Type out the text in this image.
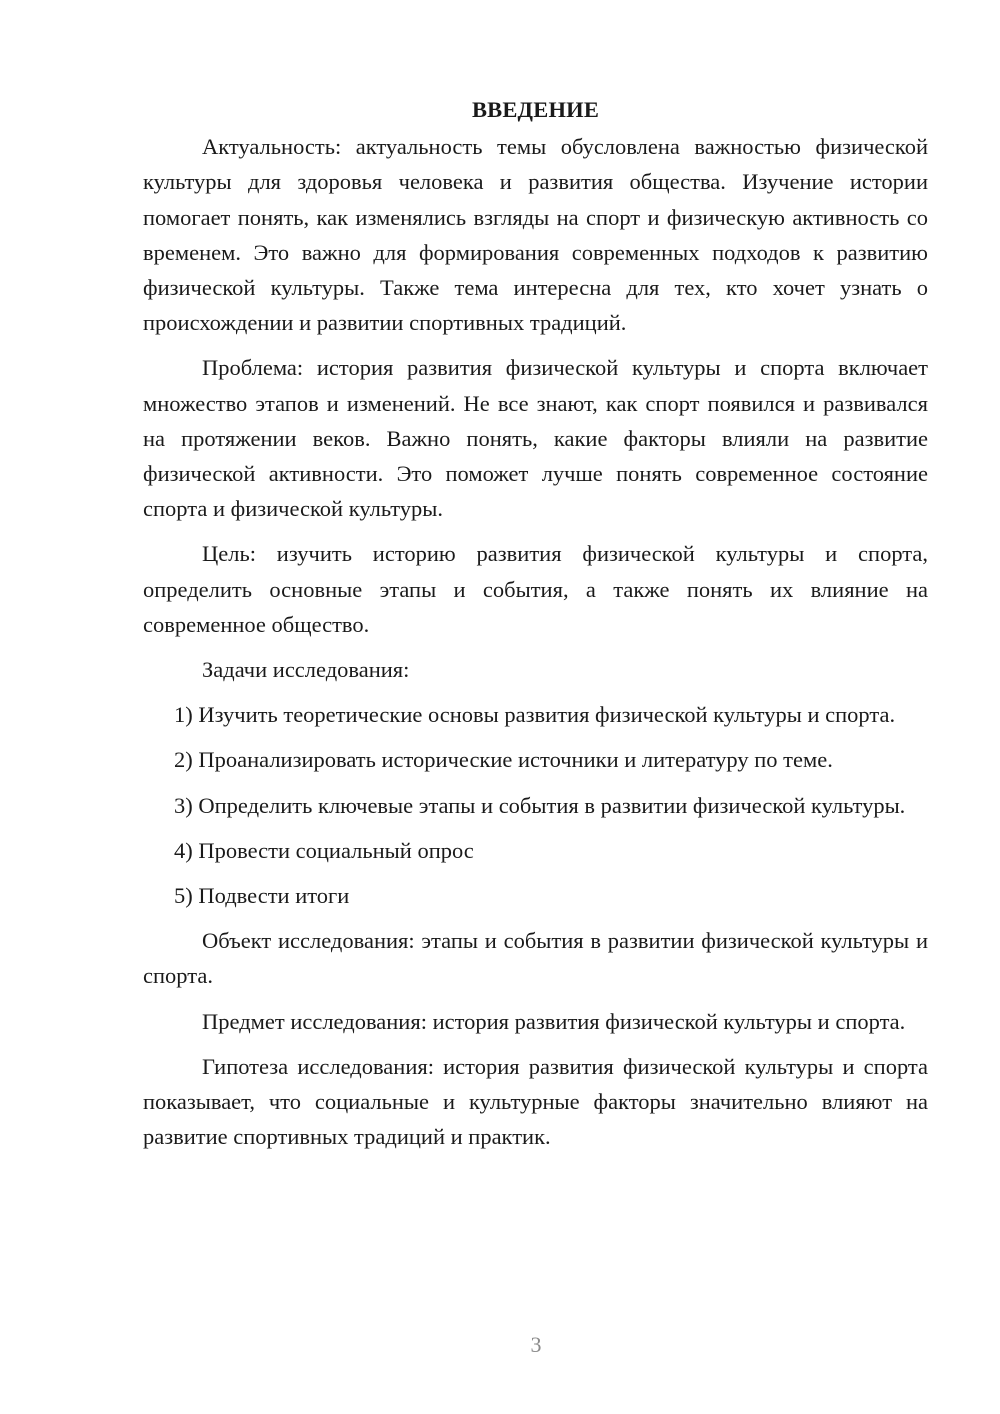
ВВЕДЕНИЕ

Актуальность: актуальность темы обусловлена важностью физической культуры для здоровья человека и развития общества. Изучение истории помогает понять, как изменялись взгляды на спорт и физическую активность со временем. Это важно для формирования современных подходов к развитию физической культуры. Также тема интересна для тех, кто хочет узнать о происхождении и развитии спортивных традиций.

Проблема: история развития физической культуры и спорта включает множество этапов и изменений. Не все знают, как спорт появился и развивался на протяжении веков. Важно понять, какие факторы влияли на развитие физической активности. Это поможет лучше понять современное состояние спорта и физической культуры.

Цель: изучить историю развития физической культуры и спорта, определить основные этапы и события, а также понять их влияние на современное общество.

Задачи исследования:

1) Изучить теоретические основы развития физической культуры и спорта.

2) Проанализировать исторические источники и литературу по теме.

3) Определить ключевые этапы и события в развитии физической культуры.

4) Провести социальный опрос

5) Подвести итоги

Объект исследования: этапы и события в развитии физической культуры и спорта.

Предмет исследования: история развития физической культуры и спорта.

Гипотеза исследования: история развития физической культуры и спорта показывает, что социальные и культурные факторы значительно влияют на развитие спортивных традиций и практик.

3
